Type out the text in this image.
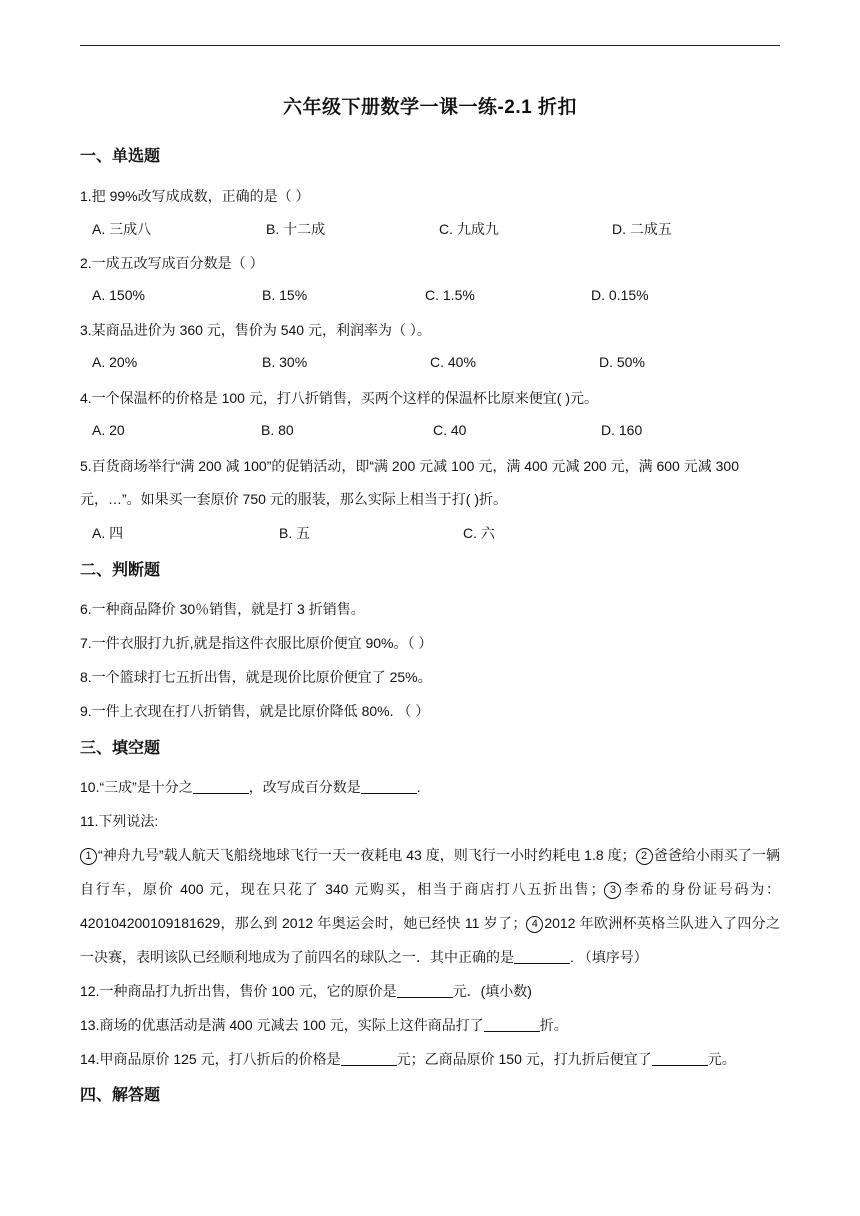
六年级下册数学一课一练-2.1 折扣
一、单选题
1.把 99%改写成成数，正确的是（ ）
A. 三成八	B. 十二成	C. 九成九	D. 二成五
2.一成五改写成百分数是（ ）
A. 150%	B. 15%	C. 1.5%	D. 0.15%
3.某商品进价为 360 元，售价为 540 元，利润率为（ ）。
A. 20%	B. 30%	C. 40%	D. 50%
4.一个保温杯的价格是 100 元，打八折销售，买两个这样的保温杯比原来便宜( )元。
A. 20	B. 80	C. 40	D. 160
5.百货商场举行“满 200 减 100”的促销活动，即“满 200 元减 100 元，满 400 元减 200 元，满 600 元减 300
元，…”。如果买一套原价 750 元的服装，那么实际上相当于打( )折。
A. 四	B. 五	C. 六
二、判断题
6.一种商品降价 30％销售，就是打 3 折销售。
7.一件衣服打九折,就是指这件衣服比原价便宜 90%。（ ）
8.一个篮球打七五折出售，就是现价比原价便宜了 25%。
9.一件上衣现在打八折销售，就是比原价降低 80%. （ ）
三、填空题
10.“三成”是十分之	，改写成百分数是	.
11.下列说法:
1 “神舟九号”载人航天飞船绕地球飞行一天一夜耗电 43 度，则飞行一小时约耗电 1.8 度； 2 爸爸给小雨买了一辆自行车，原价 400 元，现在只花了 340 元购买，相当于商店打八五折出售； 3 李希的身份证号码为：420104200109181629，那么到 2012 年奥运会时，她已经快 11 岁了； 4 2012 年欧洲杯英格兰队进入了四分之一决赛，表明该队已经顺利地成为了前四名的球队之一．其中正确的是	. （填序号）
12.一种商品打九折出售，售价 100 元，它的原价是	元．(填小数)
13.商场的优惠活动是满 400 元减去 100 元，实际上这件商品打了	折。
14.甲商品原价 125 元，打八折后的价格是	元；乙商品原价 150 元，打九折后便宜了	元。
四、解答题
